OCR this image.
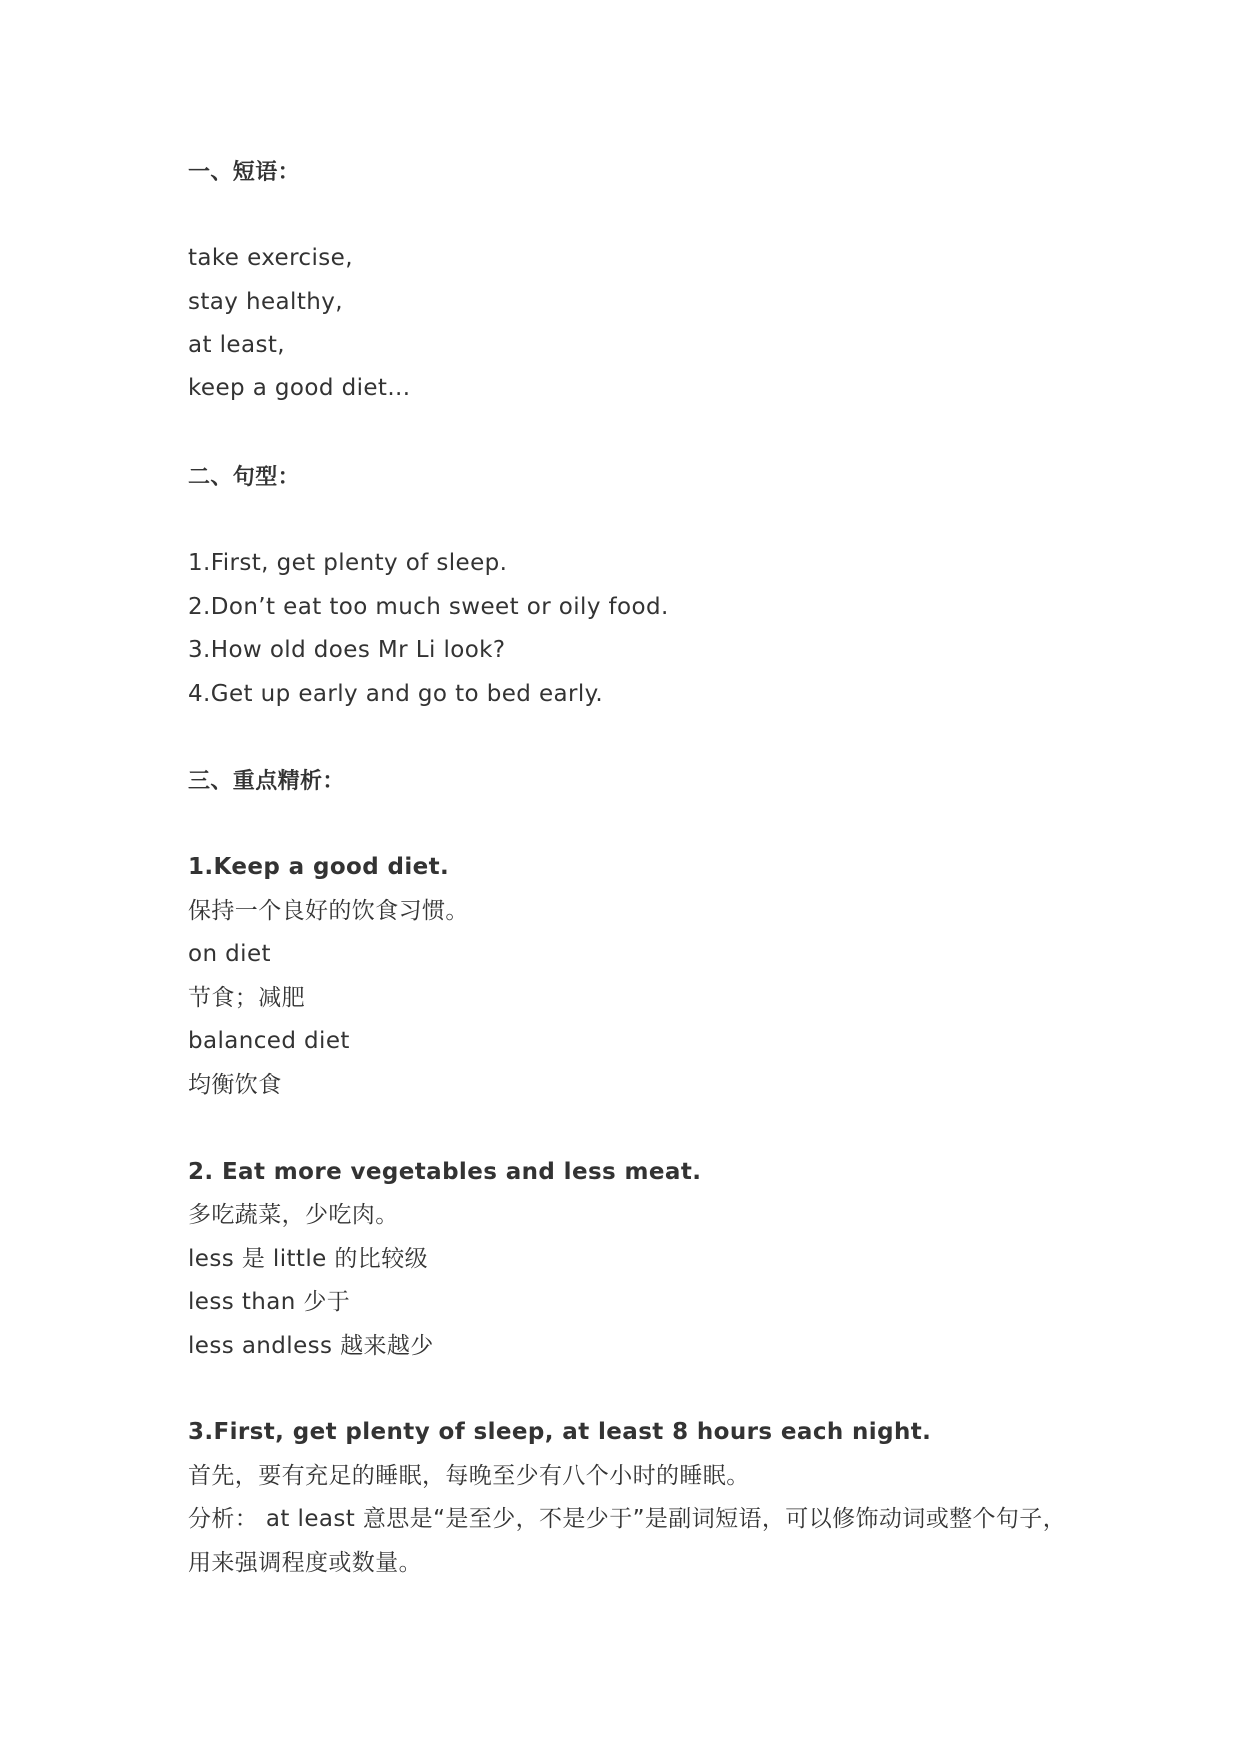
一、短语：
take exercise,
stay healthy,
at least,
keep a good diet...
二、句型：
1.First, get plenty of sleep.
2.Don’t eat too much sweet or oily food.
3.How old does Mr Li look?
4.Get up early and go to bed early.
三、重点精析：
1.Keep a good diet.
保持一个良好的饮食习惯。
on diet
节食；减肥
balanced diet
均衡饮食
2. Eat more vegetables and less meat.
多吃蔬菜，少吃肉。
less 是 little 的比较级
less than 少于
less andless 越来越少
3.First, get plenty of sleep, at least 8 hours each night.
首先，要有充足的睡眠，每晚至少有八个小时的睡眠。
分析： at least 意思是“是至少，不是少于”是副词短语，可以修饰动词或整个句子，用来强调程度或数量。
